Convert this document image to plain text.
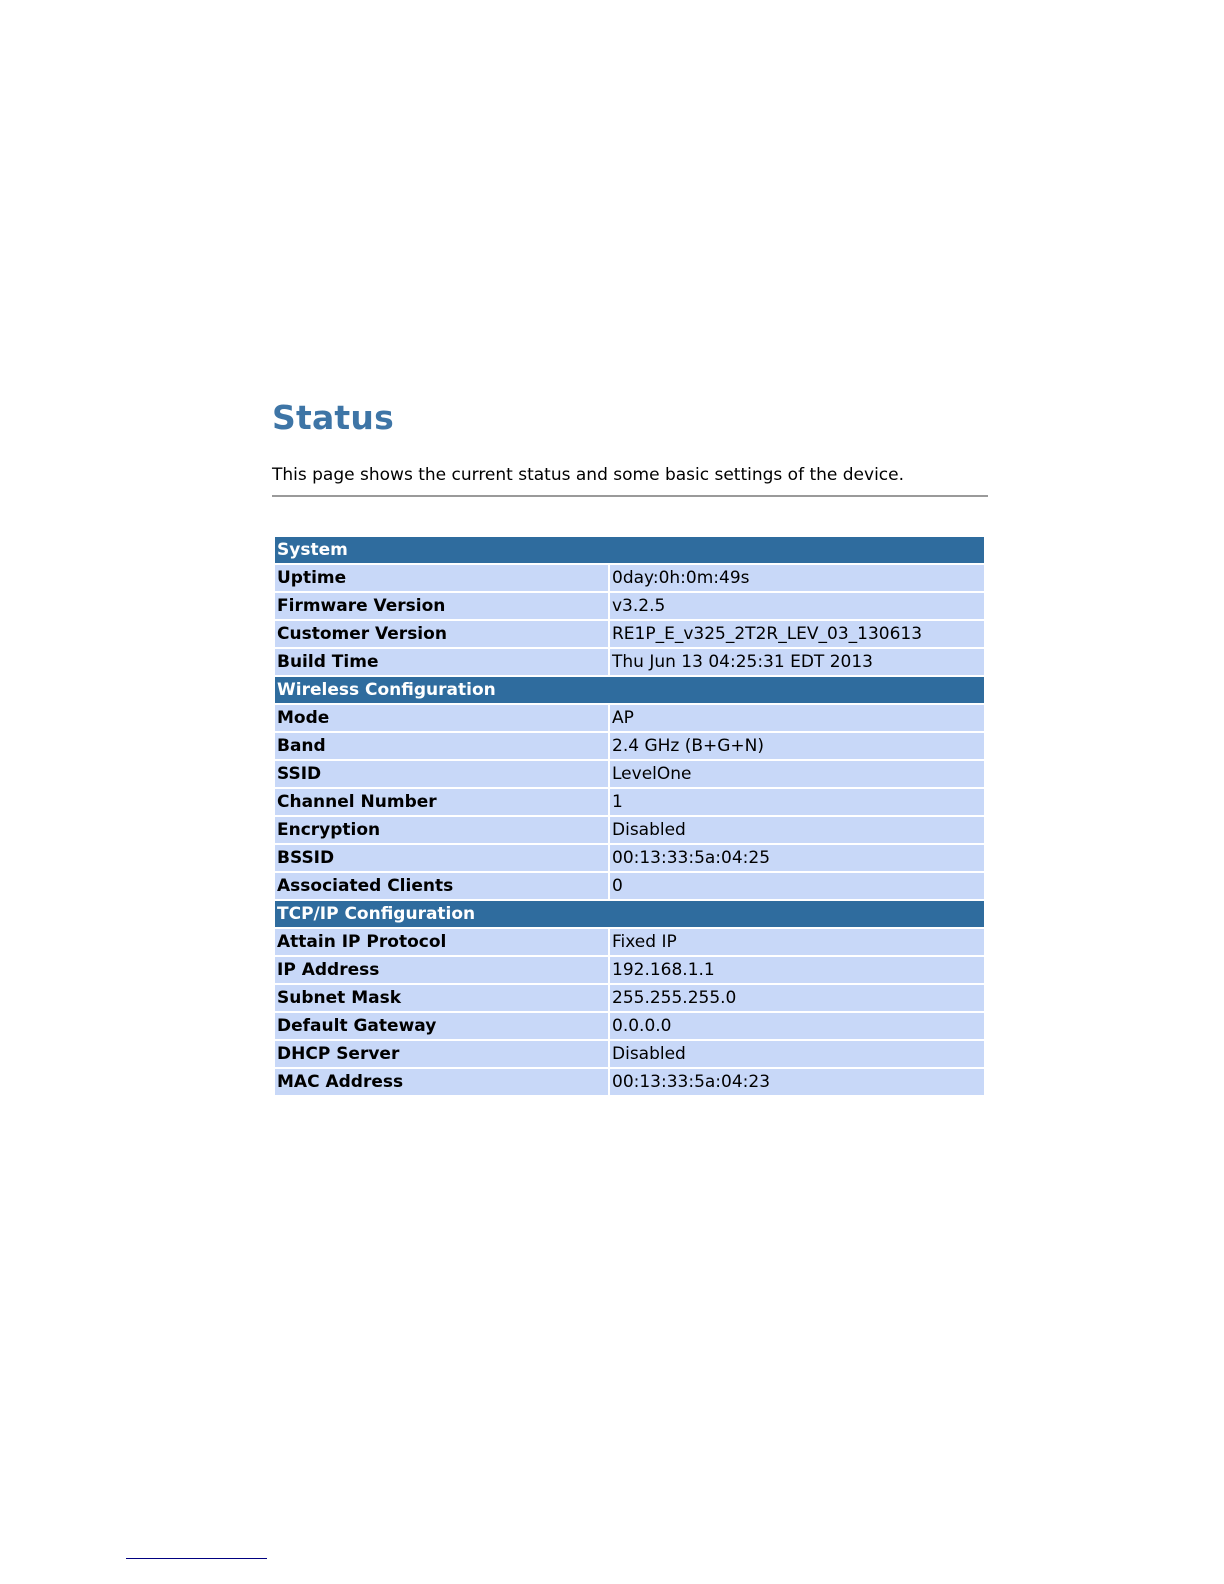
Status
This page shows the current status and some basic settings of the device.
System	
Uptime	0day:0h:0m:49s
Firmware Version	v3.2.5
Customer Version	RE1P_E_v325_2T2R_LEV_03_130613
Build Time	Thu Jun 13 04:25:31 EDT 2013
Wireless Configuration	
Mode	AP
Band	2.4 GHz (B+G+N)
SSID	LevelOne
Channel Number	1
Encryption	Disabled
BSSID	00:13:33:5a:04:25
Associated Clients	0
TCP/IP Configuration	
Attain IP Protocol	Fixed IP
IP Address	192.168.1.1
Subnet Mask	255.255.255.0
Default Gateway	0.0.0.0
DHCP Server	Disabled
MAC Address	00:13:33:5a:04:23
